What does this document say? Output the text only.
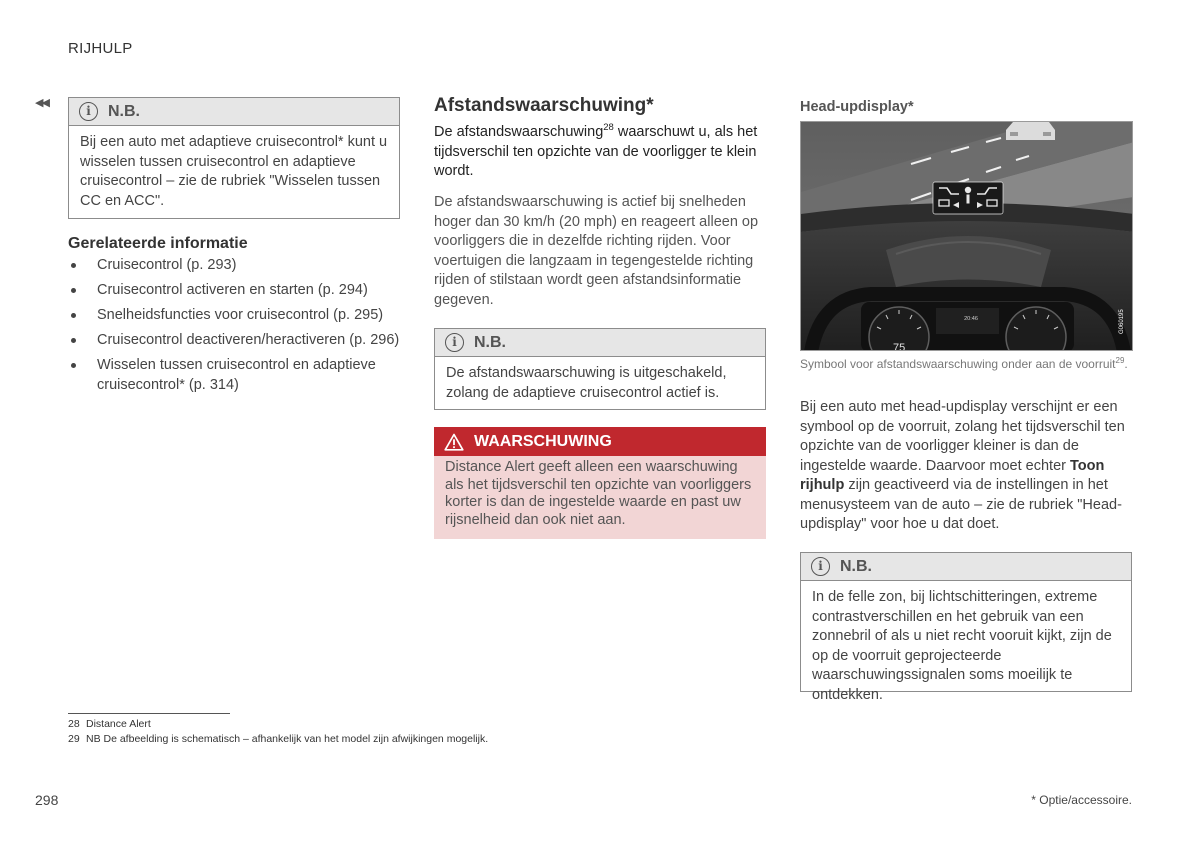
RIJHULP
◀◀
i	N.B.
Bij een auto met adaptieve cruisecontrol* kunt u wisselen tussen cruisecontrol en adaptieve cruisecontrol – zie de rubriek "Wisselen tussen CC en ACC".
Gerelateerde informatie
Cruisecontrol (p. 293)
Cruisecontrol activeren en starten (p. 294)
Snelheidsfuncties voor cruisecontrol (p. 295)
Cruisecontrol deactiveren/heractiveren (p. 296)
Wisselen tussen cruisecontrol en adaptieve cruisecontrol* (p. 314)
Afstandswaarschuwing*
De afstandswaarschuwing$^{28}$ waarschuwt u, als het tijdsverschil ten opzichte van de voorligger te klein wordt.
De afstandswaarschuwing is actief bij snelheden hoger dan 30 km/h (20 mph) en reageert alleen op voorliggers die in dezelfde richting rijden. Voor voertuigen die langzaam in tegengestelde richting rijden of stilstaan wordt geen afstandsinformatie gegeven.
i	N.B.
De afstandswaarschuwing is uitgeschakeld, zolang de adaptieve cruisecontrol actief is.
WAARSCHUWING
Distance Alert geeft alleen een waarschuwing als het tijdsverschil ten opzichte van voorliggers korter is dan de ingestelde waarde en past uw rijsnelheid dan ook niet aan.
Head-updisplay*
20:46
75
G060195
Symbool voor afstandswaarschuwing onder aan de voorruit$^{29}$.
Bij een auto met head-updisplay verschijnt er een symbool op de voorruit, zolang het tijdsverschil ten opzichte van de voorligger kleiner is dan de ingestelde waarde. Daarvoor moet echter Toon rijhulp zijn geactiveerd via de instellingen in het menusysteem van de auto – zie de rubriek "Head-updisplay" voor hoe u dat doet.
i	N.B.
In de felle zon, bij lichtschitteringen, extreme contrastverschillen en het gebruik van een zonnebril of als u niet recht vooruit kijkt, zijn de op de voorruit geprojecteerde waarschuwingssignalen soms moeilijk te ontdekken.
28 Distance Alert
29 NB De afbeelding is schematisch – afhankelijk van het model zijn afwijkingen mogelijk.
298	* Optie/accessoire.
